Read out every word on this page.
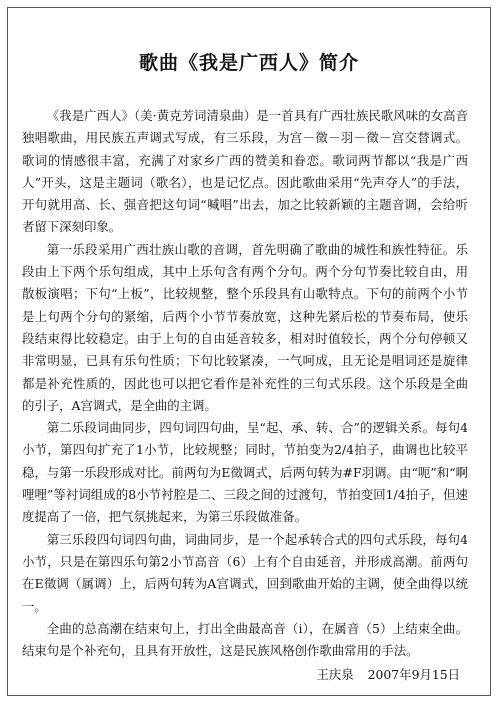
歌曲《我是广西人》简介

《我是广西人》（美·黄克芳词清泉曲）是一首具有广西壮族民歌风味的女高音独唱歌曲，用民族五声调式写成，有三乐段，为宫－徵－羽－徵－宫交替调式。歌词的情感很丰富，充满了对家乡广西的赞美和眷恋。歌词两节都以“我是广西人”开头，这是主题词（歌名），也是记忆点。因此歌曲采用“先声夺人”的手法，开句就用高、长、强音把这句词“喊唱”出去，加之比较新颖的主题音调，会给听者留下深刻印象。

第一乐段采用广西壮族山歌的音调，首先明确了歌曲的城性和族性特征。乐段由上下两个乐句组成，其中上乐句含有两个分句。两个分句节奏比较自由，用散板演唱；下句“上板”，比较规整，整个乐段具有山歌特点。下句的前两个小节是上句两个分句的紧缩，后两个小节节奏放宽，这种先紧后松的节奏布局，使乐段结束得比较稳定。由于上句的自由延音较多，相对时值较长，两个分句停顿又非常明显，已具有乐句性质；下句比较紧凑，一气呵成，且无论是唱词还是旋律都是补充性质的，因此也可以把它看作是补充性的三句式乐段。这个乐段是全曲的引子，A宫调式，是全曲的主调。

第二乐段词曲同步，四句词四句曲，呈“起、承、转、合”的逻辑关系。每句4小节，第四句扩充了1小节，比较规整；同时，节拍变为2/4拍子，曲调也比较平稳，与第一乐段形成对比。前两句为E徵调式，后两句转为#F羽调。由“呃”和“啊哩哩”等衬词组成的8小节衬腔是二、三段之间的过渡句，节拍变回1/4拍子，但速度提高了一倍，把气氛挑起来，为第三乐段做准备。

第三乐段四句词四句曲，词曲同步，是一个起承转合式的四句式乐段，每句4小节，只是在第四乐句第2小节高音（6）上有个自由延音，并形成高潮。前两句在E徵调（属调）上，后两句转为A宫调式，回到歌曲开始的主调，使全曲得以统一。

全曲的总高潮在结束句上，打出全曲最高音（i），在属音（5）上结束全曲。结束句是个补充句，且具有开放性，这是民族风格创作歌曲常用的手法。

王庆泉 2007年9月15日
